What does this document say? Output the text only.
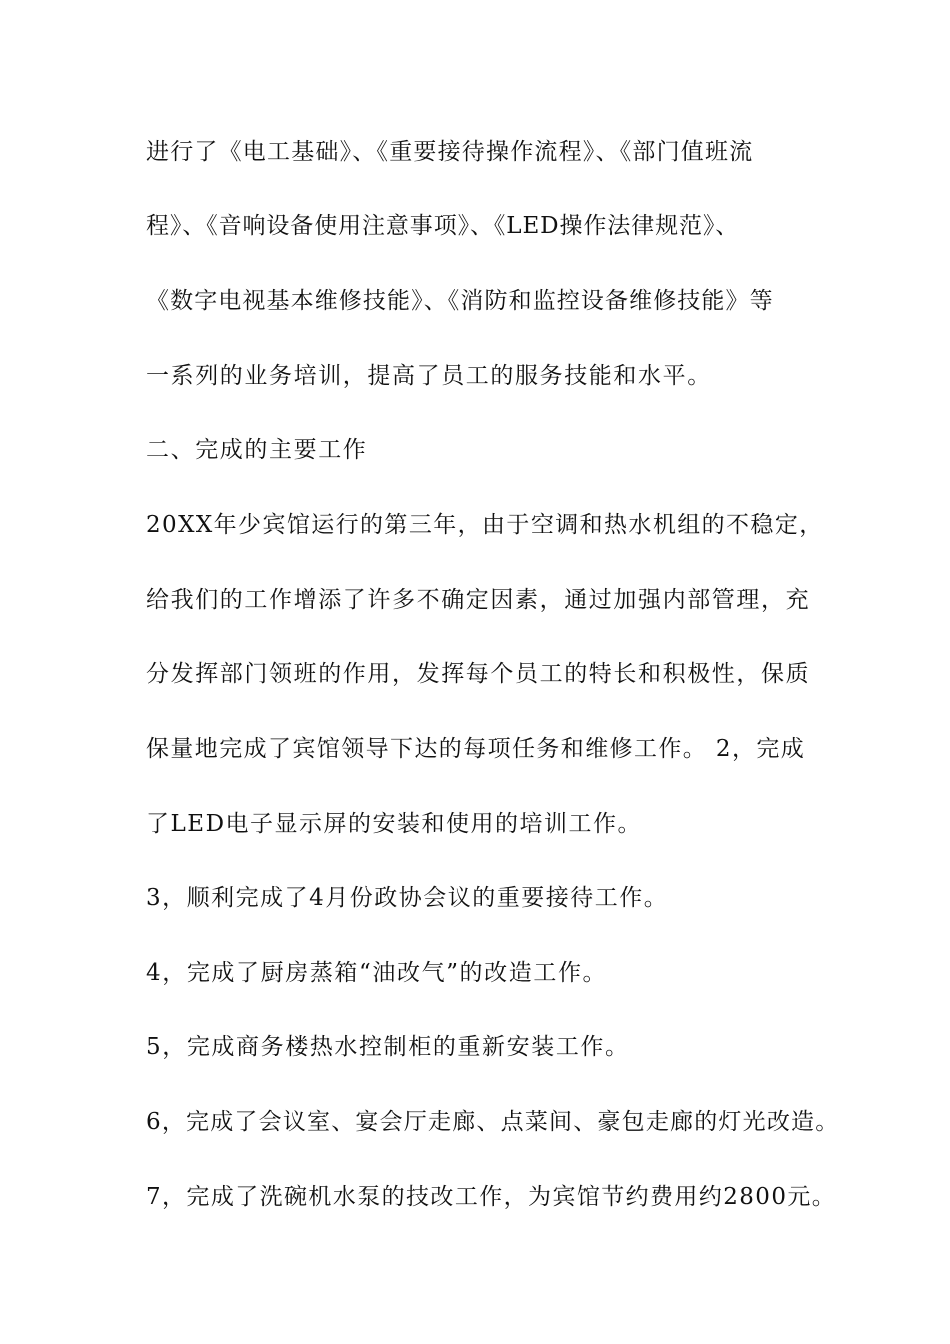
进行了《电工基础》、《重要接待操作流程》、《部门值班流
程》、《音响设备使用注意事项》、《LED操作法律规范》、
《数字电视基本维修技能》、《消防和监控设备维修技能》等
一系列的业务培训，提高了员工的服务技能和水平。
二、完成的主要工作
20XX年少宾馆运行的第三年，由于空调和热水机组的不稳定，
给我们的工作增添了许多不确定因素，通过加强内部管理，充
分发挥部门领班的作用，发挥每个员工的特长和积极性，保质
保量地完成了宾馆领导下达的每项任务和维修工作。 2，完成
了LED电子显示屏的安装和使用的培训工作。
3，顺利完成了4月份政协会议的重要接待工作。
4，完成了厨房蒸箱“油改气”的改造工作。
5，完成商务楼热水控制柜的重新安装工作。
6，完成了会议室、宴会厅走廊、点菜间、豪包走廊的灯光改造。
7，完成了洗碗机水泵的技改工作，为宾馆节约费用约2800元。
